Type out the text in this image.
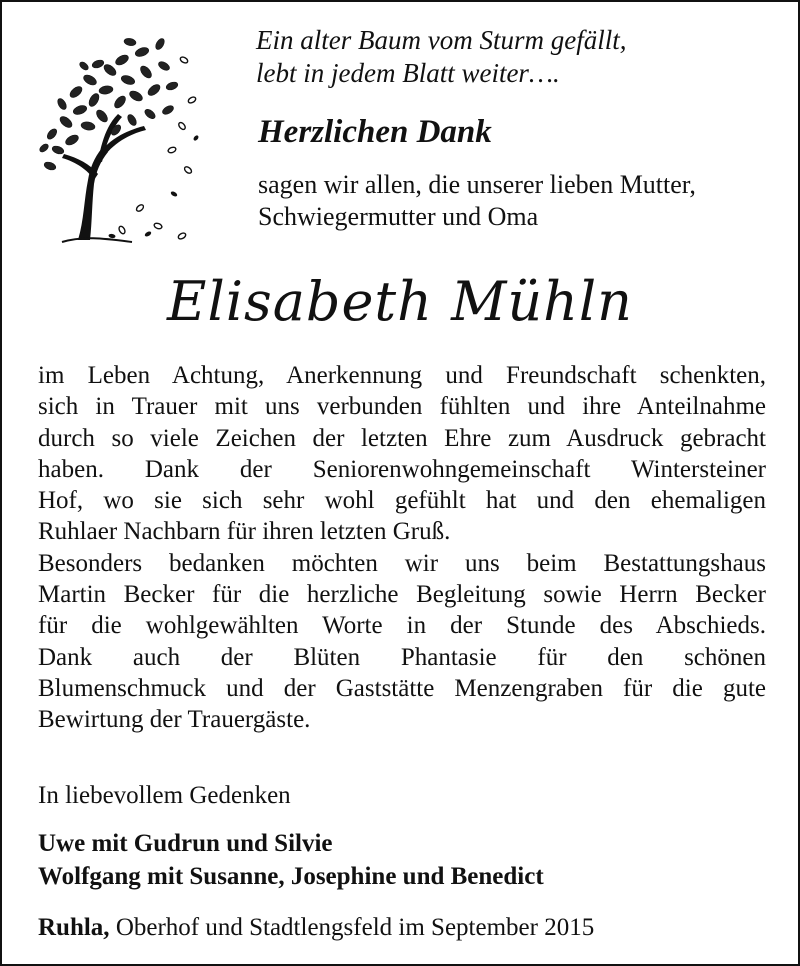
Ein alter Baum vom Sturm gefällt,
lebt in jedem Blatt weiter….
Herzlichen Dank
sagen wir allen, die unserer lieben Mutter,
Schwiegermutter und Oma
Elisabeth Mühln
im Leben Achtung, Anerkennung und Freundschaft schenkten,
sich in Trauer mit uns verbunden fühlten und ihre Anteilnahme
durch so viele Zeichen der letzten Ehre zum Ausdruck gebracht
haben. Dank der Seniorenwohngemeinschaft Wintersteiner
Hof, wo sie sich sehr wohl gefühlt hat und den ehemaligen
Ruhlaer Nachbarn für ihren letzten Gruß.
Besonders bedanken möchten wir uns beim Bestattungshaus
Martin Becker für die herzliche Begleitung sowie Herrn Becker
für die wohlgewählten Worte in der Stunde des Abschieds.
Dank auch der Blüten Phantasie für den schönen
Blumenschmuck und der Gaststätte Menzengraben für die gute
Bewirtung der Trauergäste.
In liebevollem Gedenken
Uwe mit Gudrun und Silvie
Wolfgang mit Susanne, Josephine und Benedict
Ruhla, Oberhof und Stadtlengsfeld im September 2015
